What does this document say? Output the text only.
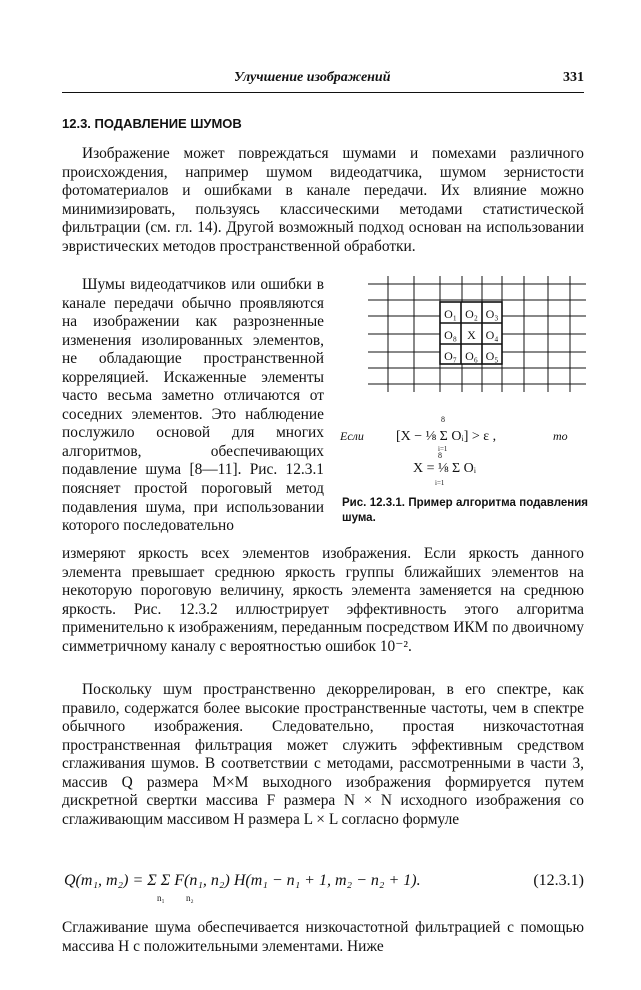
Улучшение изображений	331
12.3. ПОДАВЛЕНИЕ ШУМОВ

Изображение может повреждаться шумами и помехами различного происхождения, например шумом видеодатчика, шумом зернистости фотоматериалов и ошибками в канале передачи. Их влияние можно минимизировать, пользуясь классическими методами статистической фильтрации (см. гл. 14). Другой возможный подход основан на использовании эвристических методов пространственной обработки.

Шумы видеодатчиков или ошибки в канале передачи обычно проявляются на изображении как разрозненные изменения изолированных элементов, не обладающие пространственной корреляцией. Искаженные элементы часто весьма заметно отличаются от соседних элементов. Это наблюдение послужило основой для многих алгоритмов, обеспечивающих подавление шума [8—11]. Рис. 12.3.1 поясняет простой пороговый метод подавления шума, при использовании которого последовательно

O₁ O₂ O₃
O₈ X O₄
O₇ O₆ O₅
Если [X − ⅛ Σ Oᵢ] > ε ,	то
8
i=1
X = ⅛ Σ Oᵢ
8
i=1
Рис. 12.3.1. Пример алгоритма подавления шума.

измеряют яркость всех элементов изображения. Если яркость данного элемента превышает среднюю яркость группы ближайших элементов на некоторую пороговую величину, яркость элемента заменяется на среднюю яркость. Рис. 12.3.2 иллюстрирует эффективность этого алгоритма применительно к изображениям, переданным посредством ИКМ по двоичному симметричному каналу с вероятностью ошибок 10⁻².

Поскольку шум пространственно декоррелирован, в его спектре, как правило, содержатся более высокие пространственные частоты, чем в спектре обычного изображения. Следовательно, простая низкочастотная пространственная фильтрация может служить эффективным средством сглаживания шумов. В соответствии с методами, рассмотренными в части 3, массив Q размера M×M выходного изображения формируется путем дискретной свертки массива F размера N × N исходного изображения со сглаживающим массивом H размера L × L согласно формуле

Q(m₁, m₂) = Σ Σ F(n₁, n₂) H(m₁ − n₁ + 1, m₂ − n₂ + 1).
n₁ n₂
(12.3.1)

Сглаживание шума обеспечивается низкочастотной фильтрацией с помощью массива H с положительными элементами. Ниже
